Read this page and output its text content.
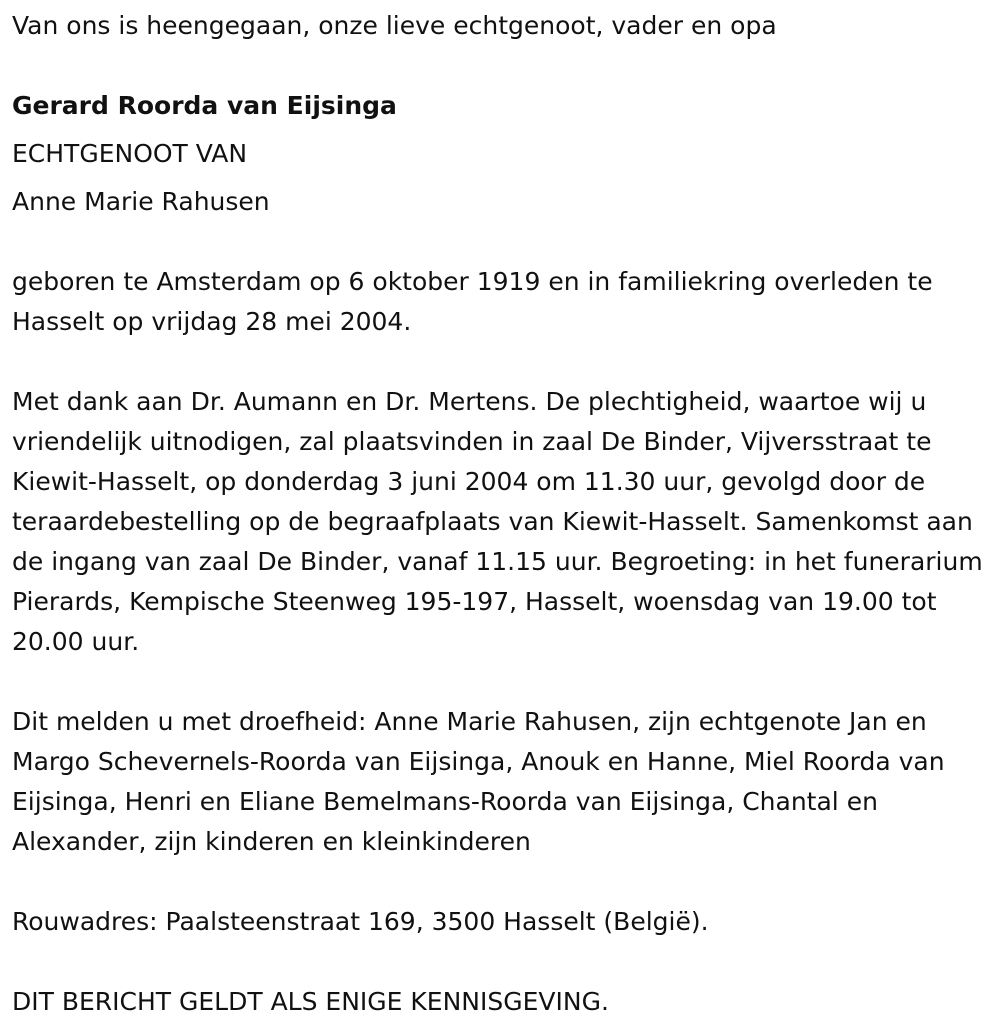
Van ons is heengegaan, onze lieve echtgenoot, vader en opa

Gerard Roorda van Eijsinga

ECHTGENOOT VAN

Anne Marie Rahusen

geboren te Amsterdam op 6 oktober 1919 en in familiekring overleden te Hasselt op vrijdag 28 mei 2004.

Met dank aan Dr. Aumann en Dr. Mertens. De plechtigheid, waartoe wij u vriendelijk uitnodigen, zal plaatsvinden in zaal De Binder, Vijversstraat te Kiewit-Hasselt, op donderdag 3 juni 2004 om 11.30 uur, gevolgd door de teraardebestelling op de begraafplaats van Kiewit-Hasselt. Samenkomst aan de ingang van zaal De Binder, vanaf 11.15 uur. Begroeting: in het funerarium Pierards, Kempische Steenweg 195-197, Hasselt, woensdag van 19.00 tot 20.00 uur.

Dit melden u met droefheid: Anne Marie Rahusen, zijn echtgenote Jan en Margo Schevernels-Roorda van Eijsinga, Anouk en Hanne, Miel Roorda van Eijsinga, Henri en Eliane Bemelmans-Roorda van Eijsinga, Chantal en Alexander, zijn kinderen en kleinkinderen

Rouwadres: Paalsteenstraat 169, 3500 Hasselt (België).

DIT BERICHT GELDT ALS ENIGE KENNISGEVING.
